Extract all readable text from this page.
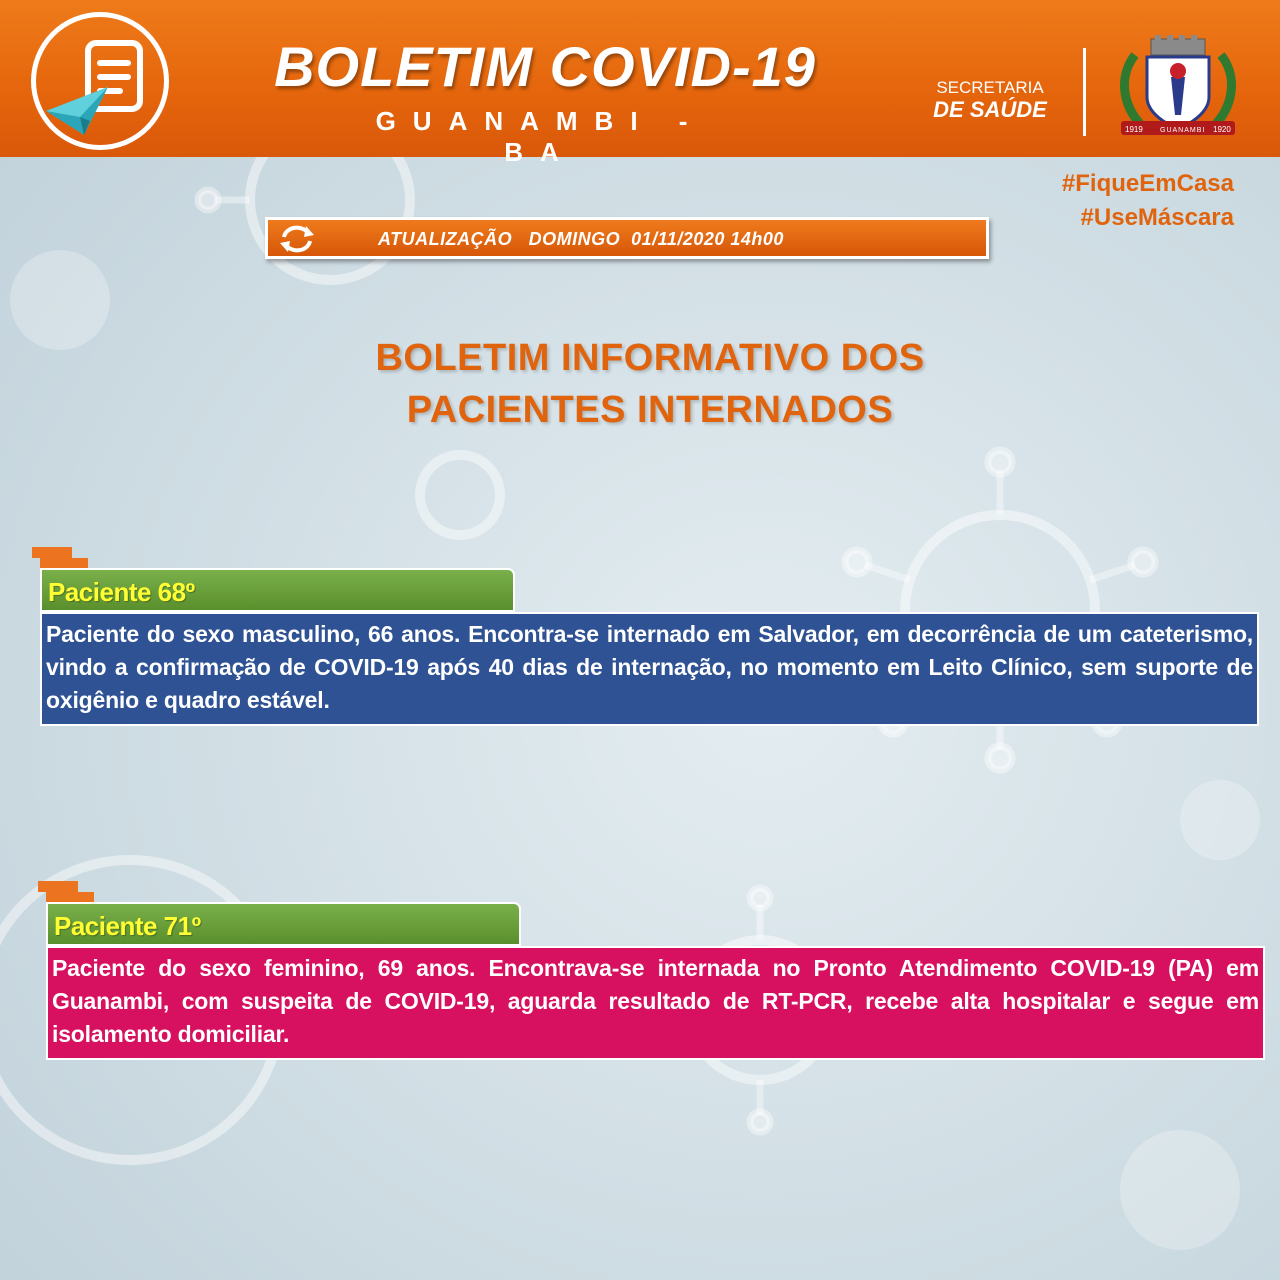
BOLETIM COVID-19
GUANAMBI - BA
SECRETARIA
DE SAÚDE
1919 GUANAMBI 1920
#FiqueEmCasa
#UseMáscara
ATUALIZAÇÃO   DOMINGO  01/11/2020 14h00
BOLETIM INFORMATIVO DOS
PACIENTES INTERNADOS
Paciente 68º
Paciente do sexo masculino, 66 anos. Encontra-se internado em Salvador, em decorrência de um cateterismo, vindo a confirmação de COVID-19 após 40 dias de internação, no momento em Leito Clínico, sem suporte de oxigênio e quadro estável.
Paciente 71º
Paciente do sexo feminino, 69 anos. Encontrava-se internada no Pronto Atendimento COVID-19 (PA) em Guanambi, com suspeita de COVID-19, aguarda resultado de RT-PCR, recebe alta hospitalar e segue em isolamento domiciliar.
